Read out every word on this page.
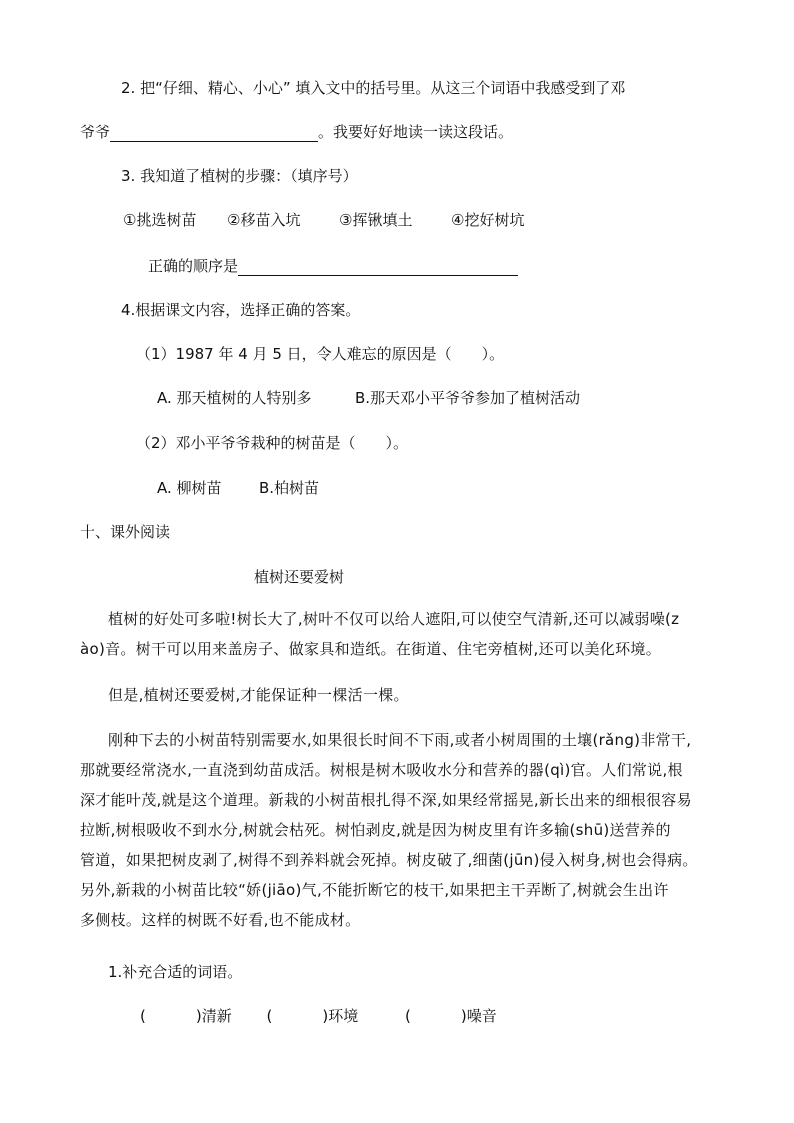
2. 把“仔细、精心、小心” 填入文中的括号里。从这三个词语中我感受到了邓
爷爷	。我要好好地读一读这段话。
3. 我知道了植树的步骤：（填序号）
①挑选树苗 ②移苗入坑	③挥锹填土	④挖好树坑
正确的顺序是
4.根据课文内容，选择正确的答案。
（1）1987 年 4 月 5 日，令人难忘的原因是（　　）。
A. 那天植树的人特别多	B.那天邓小平爷爷参加了植树活动
（2）邓小平爷爷栽种的树苗是（　　）。
A. 柳树苗 B.柏树苗
十、课外阅读
植树还要爱树
植树的好处可多啦!树长大了,树叶不仅可以给人遮阳,可以使空气清新,还可以减弱噪(z
ào)音。树干可以用来盖房子、做家具和造纸。在街道、住宅旁植树,还可以美化环境。
但是,植树还要爱树,才能保证种一棵活一棵。
刚种下去的小树苗特别需要水,如果很长时间不下雨,或者小树周围的土壤(rǎng)非常干,
那就要经常浇水,一直浇到幼苗成活。树根是树木吸收水分和营养的器(qì)官。人们常说,根
深才能叶茂,就是这个道理。新栽的小树苗根扎得不深,如果经常摇晃,新长出来的细根很容易
拉断,树根吸收不到水分,树就会枯死。树怕剥皮,就是因为树皮里有许多输(shū)送营养的
管道，如果把树皮剥了,树得不到养料就会死掉。树皮破了,细菌(jūn)侵入树身,树也会得病。
另外,新栽的小树苗比较“娇(jiāo)气,不能折断它的枝干,如果把主干弄断了,树就会生出许
多侧枝。这样的树既不好看,也不能成材。
1.补充合适的词语。
(	)清新 (	)环境	(	)噪音
